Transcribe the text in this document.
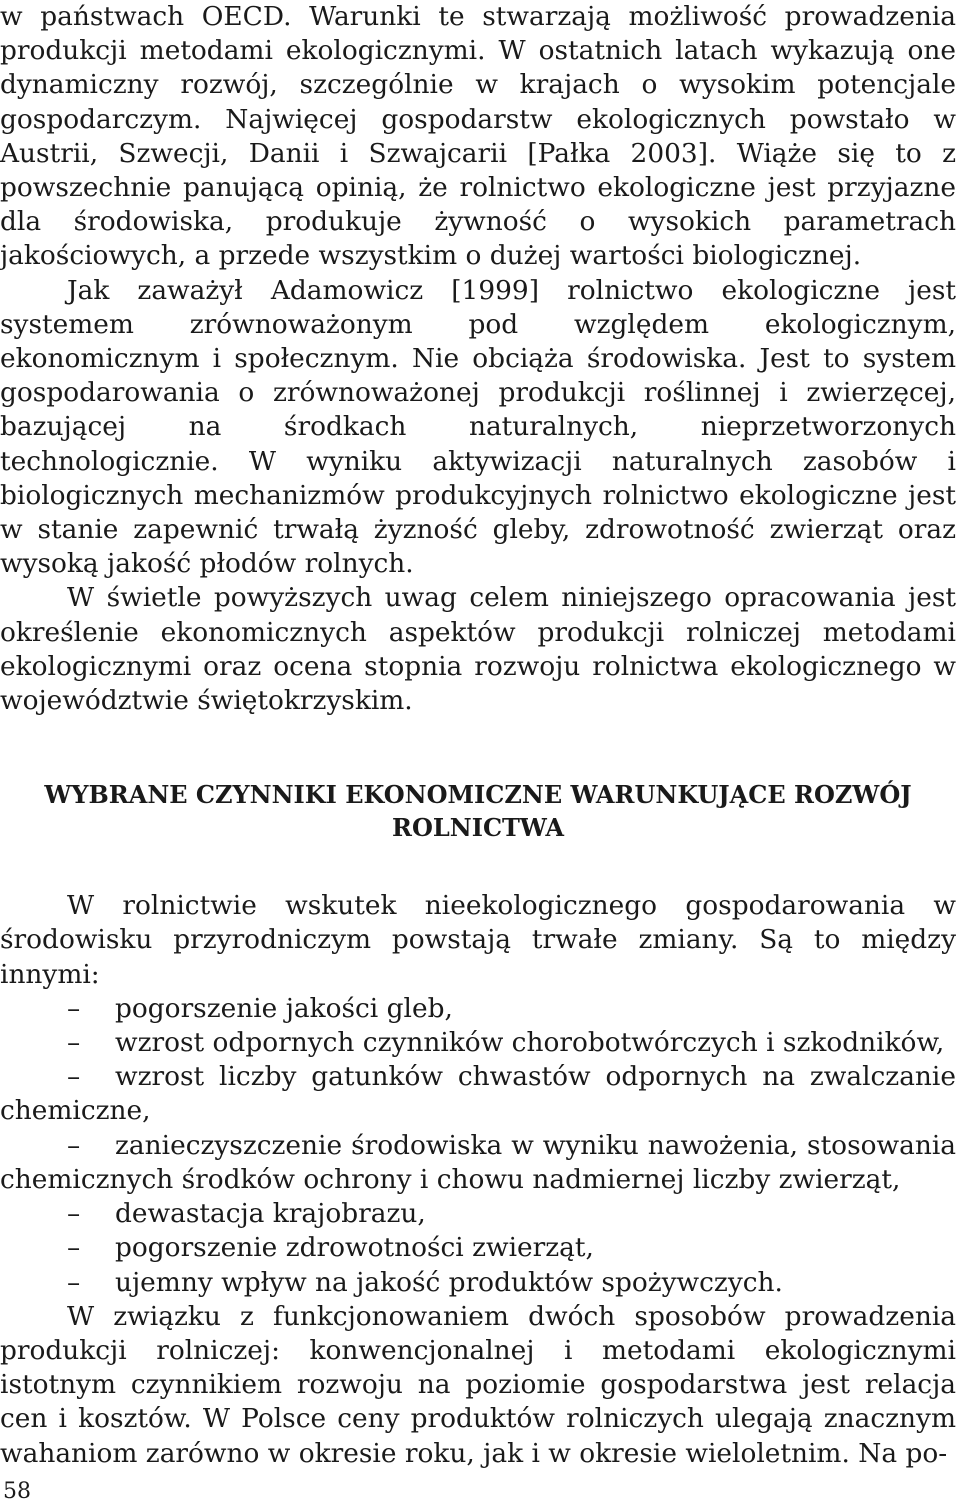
w państwach OECD. Warunki te stwarzają możliwość prowadzenia produkcji metodami ekologicznymi. W ostatnich latach wykazują one dynamiczny rozwój, szczególnie w krajach o wysokim potencjale gospodarczym. Najwięcej gospodarstw ekologicznych powstało w Austrii, Szwecji, Danii i Szwajcarii [Pałka 2003]. Wiąże się to z powszechnie panującą opinią, że rolnictwo ekologiczne jest przyjazne dla środowiska, produkuje żywność o wysokich parametrach jakościowych, a przede wszystkim o dużej wartości biologicznej.

Jak zaważył Adamowicz [1999] rolnictwo ekologiczne jest systemem zrównoważonym pod względem ekologicznym, ekonomicznym i społecznym. Nie obciąża środowiska. Jest to system gospodarowania o zrównoważonej produkcji roślinnej i zwierzęcej, bazującej na środkach naturalnych, nieprzetworzonych technologicznie. W wyniku aktywizacji naturalnych zasobów i biologicznych mechanizmów produkcyjnych rolnictwo ekologiczne jest w stanie zapewnić trwałą żyzność gleby, zdrowotność zwierząt oraz wysoką jakość płodów rolnych.

W świetle powyższych uwag celem niniejszego opracowania jest określenie ekonomicznych aspektów produkcji rolniczej metodami ekologicznymi oraz ocena stopnia rozwoju rolnictwa ekologicznego w województwie świętokrzyskim.

WYBRANE CZYNNIKI EKONOMICZNE WARUNKUJĄCE ROZWÓJ
ROLNICTWA

W rolnictwie wskutek nieekologicznego gospodarowania w środowisku przyrodniczym powstają trwałe zmiany. Są to między innymi:

– pogorszenie jakości gleb,
– wzrost odpornych czynników chorobotwórczych i szkodników,
– wzrost liczby gatunków chwastów odpornych na zwalczanie chemiczne,
– zanieczyszczenie środowiska w wyniku nawożenia, stosowania chemicznych środków ochrony i chowu nadmiernej liczby zwierząt,
– dewastacja krajobrazu,
– pogorszenie zdrowotności zwierząt,
– ujemny wpływ na jakość produktów spożywczych.

W związku z funkcjonowaniem dwóch sposobów prowadzenia produkcji rolniczej: konwencjonalnej i metodami ekologicznymi istotnym czynnikiem rozwoju na poziomie gospodarstwa jest relacja cen i kosztów. W Polsce ceny produktów rolniczych ulegają znacznym wahaniom zarówno w okresie roku, jak i w okresie wieloletnim. Na po-

58
